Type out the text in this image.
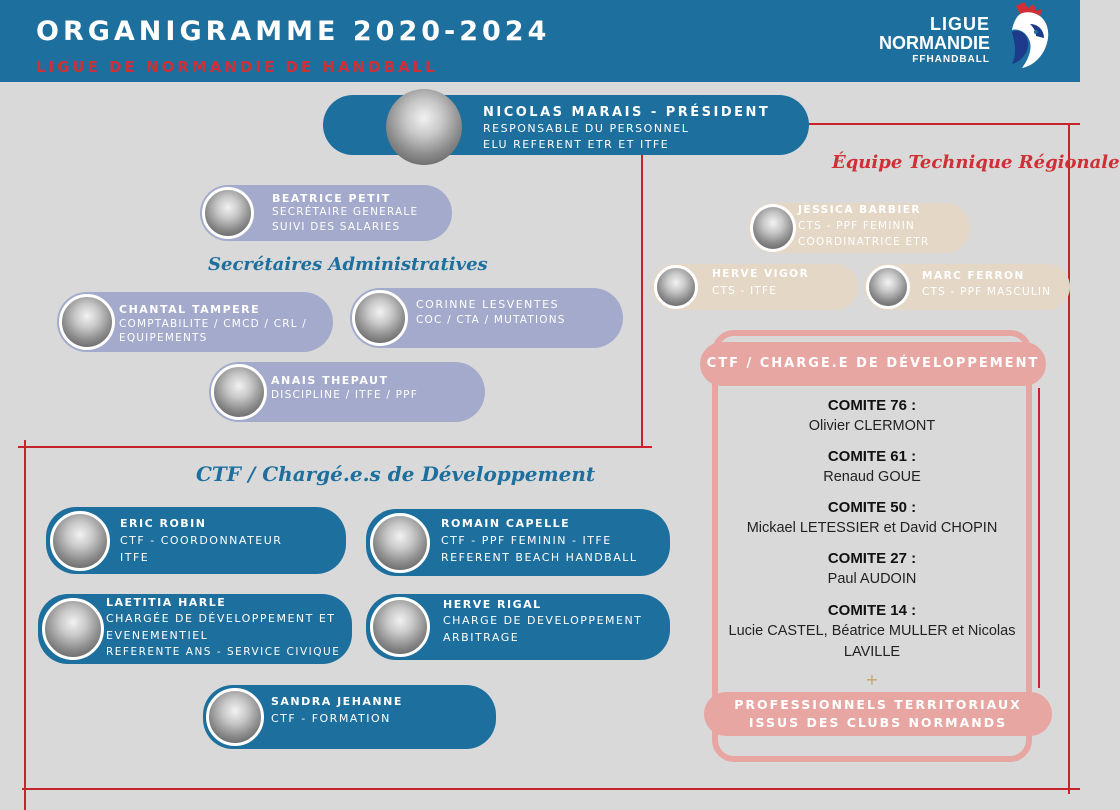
ORGANIGRAMME 2020-2024
LIGUE DE NORMANDIE DE HANDBALL
LIGUE
NORMANDIE
FFHANDBALL
NICOLAS MARAIS - PRÉSIDENT
RESPONSABLE DU PERSONNEL
ELU REFERENT ETR ET ITFE
BEATRICE PETIT
SECRÉTAIRE GENERALE
SUIVI DES SALARIES
Secrétaires Administratives
Équipe Technique Régionale
CTF / Chargé.e.s de Développement
CHANTAL TAMPERE
COMPTABILITE / CMCD / CRL /
EQUIPEMENTS
CORINNE LESVENTES
COC / CTA / MUTATIONS
ANAIS THEPAUT
DISCIPLINE / ITFE / PPF
JESSICA BARBIER
CTS - PPF FEMININ
COORDINATRICE ETR
HERVE VIGOR
CTS - ITFE
MARC FERRON
CTS - PPF MASCULIN
ERIC ROBIN
CTF - COORDONNATEUR
ITFE
ROMAIN CAPELLE
CTF - PPF FEMININ - ITFE
REFERENT BEACH HANDBALL
LAETITIA HARLE
CHARGÉE DE DÉVELOPPEMENT ET
EVENEMENTIEL
REFERENTE ANS - SERVICE CIVIQUE
HERVE RIGAL
CHARGE DE DEVELOPPEMENT
ARBITRAGE
SANDRA JEHANNE
CTF - FORMATION
CTF / CHARGE.E DE DÉVELOPPEMENT
COMITE 76 :
Olivier CLERMONT
COMITE 61 :
Renaud GOUE
COMITE 50 :
Mickael LETESSIER et David CHOPIN
COMITE 27 :
Paul AUDOIN
COMITE 14 :
Lucie CASTEL, Béatrice MULLER et Nicolas LAVILLE
+
PROFESSIONNELS TERRITORIAUX
ISSUS DES CLUBS NORMANDS
